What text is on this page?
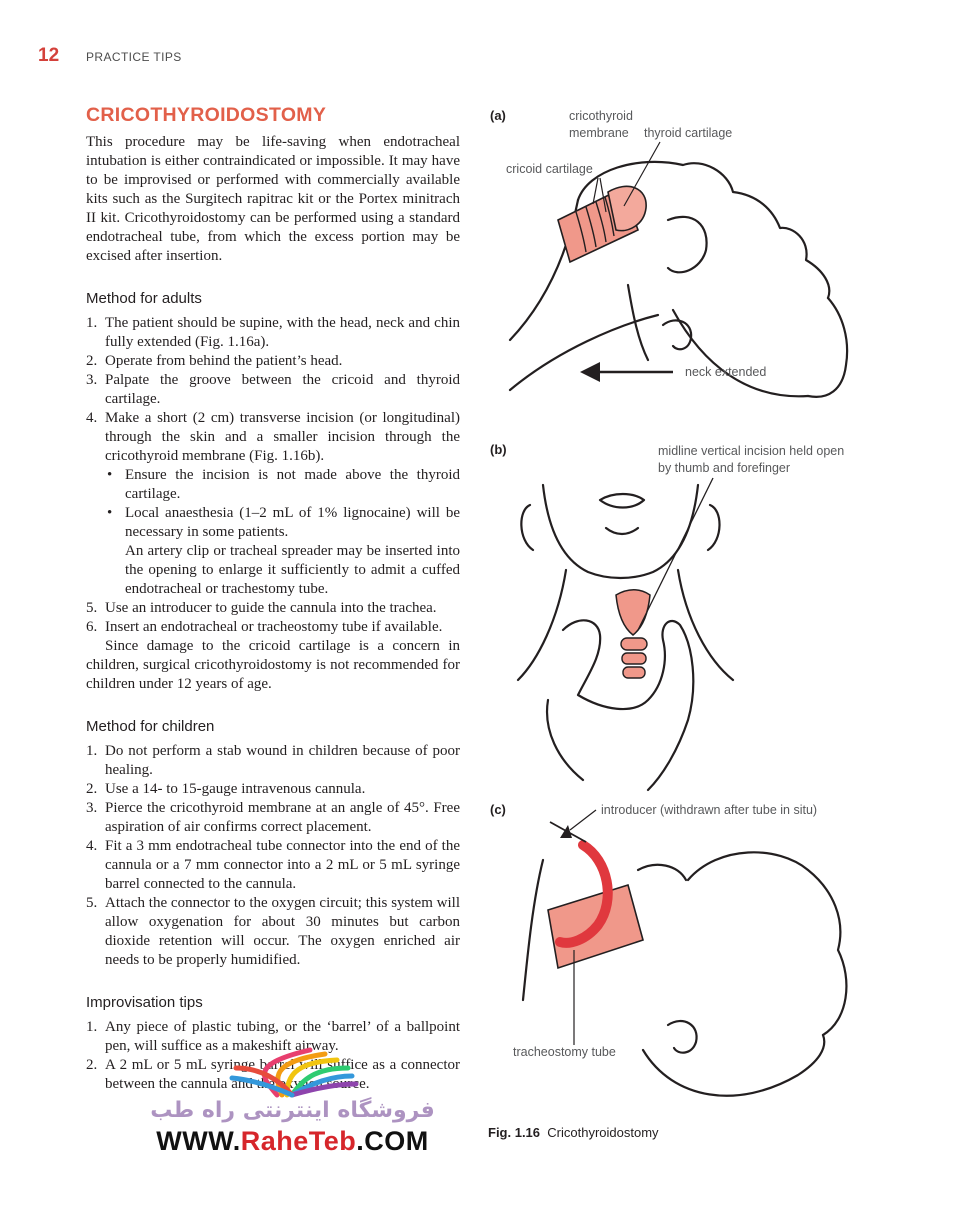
12 PRACTICE TIPS
CRICOTHYROIDOSTOMY

This procedure may be life-saving when endotracheal intubation is either contraindicated or impossible. It may have to be improvised or performed with commercially available kits such as the Surgitech rapitrac kit or the Portex minitrach II kit. Cricothyroidostomy can be performed using a standard endotracheal tube, from which the excess portion may be excised after insertion.

Method for adults
1. The patient should be supine, with the head, neck and chin fully extended (Fig. 1.16a).
2. Operate from behind the patient’s head.
3. Palpate the groove between the cricoid and thyroid cartilage.
4. Make a short (2 cm) transverse incision (or longitudinal) through the skin and a smaller incision through the cricothyroid membrane (Fig. 1.16b).
• Ensure the incision is not made above the thyroid cartilage.
• Local anaesthesia (1–2 mL of 1% lignocaine) will be necessary in some patients.

An artery clip or tracheal spreader may be inserted into the opening to enlarge it sufficiently to admit a cuffed endotracheal or trachestomy tube.

5. Use an introducer to guide the cannula into the trachea.
6. Insert an endotracheal or tracheostomy tube if available.

Since damage to the cricoid cartilage is a concern in children, surgical cricothyroidostomy is not recommended for children under 12 years of age.

Method for children
1. Do not perform a stab wound in children because of poor healing.
2. Use a 14- to 15-gauge intravenous cannula.
3. Pierce the cricothyroid membrane at an angle of 45°. Free aspiration of air confirms correct placement.
4. Fit a 3 mm endotracheal tube connector into the end of the cannula or a 7 mm connector into a 2 mL or 5 mL syringe barrel connected to the cannula.
5. Attach the connector to the oxygen circuit; this system will allow oxygenation for about 30 minutes but carbon dioxide retention will occur. The oxygen enriched air needs to be properly humidified.
Improvisation tips
1. Any piece of plastic tubing, or the ‘barrel’ of a ballpoint pen, will suffice as a makeshift airway.
2. A 2 mL or 5 mL syringe barrel will suffice as a connector between the cannula and the oxygen source.
(a)
(b)
(c)
cricothyroid membrane	thyroid cartilage
cricoid cartilage
neck extended
midline vertical incision held open by thumb and forefinger
introducer (withdrawn after tube in situ)
tracheostomy tube
Fig. 1.16 Cricothyroidostomy
فروشگاه اینترنتی راه طب
WWW.RaheTeb.COM
